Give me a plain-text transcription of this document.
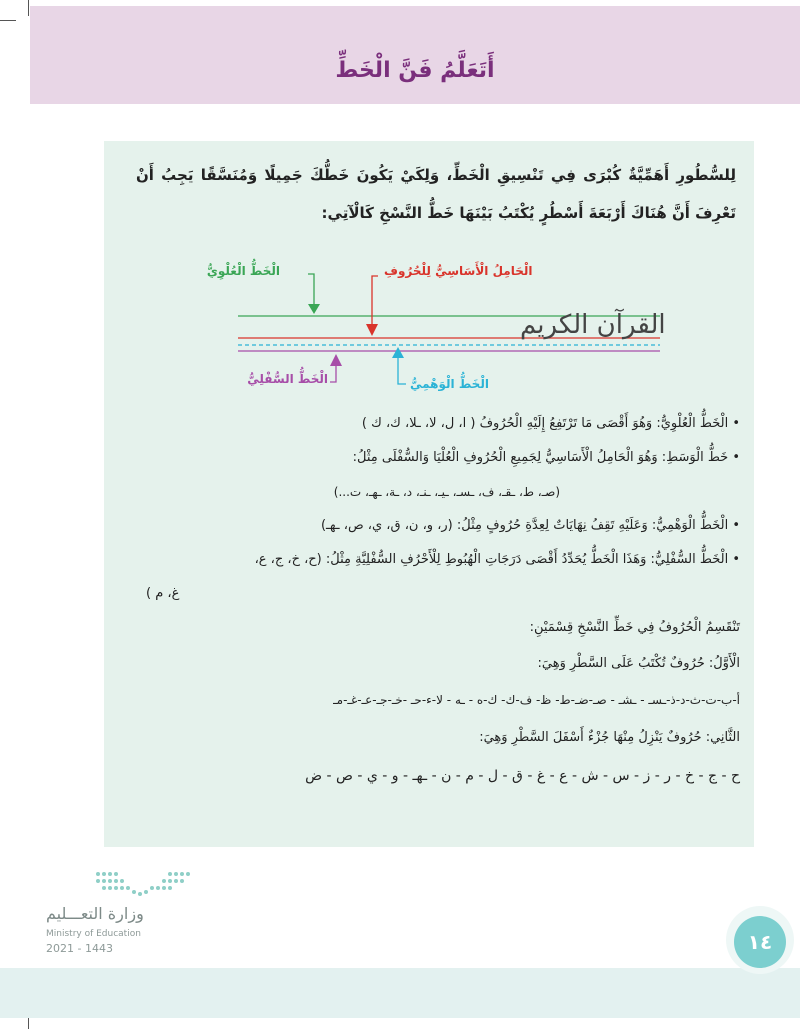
أَتَعَلَّمُ فَنَّ الْخَطِّ
لِلسُّطُورِ أَهَمِّيَّةٌ كُبْرَى فِي تَنْسِيقِ الْخَطِّ، وَلِكَيْ يَكُونَ خَطُّكَ جَمِيلًا وَمُنَسَّقًا يَجِبُ أَنْ تَعْرِفَ أَنَّ هُنَاكَ أَرْبَعَةَ أَسْطُرٍ يُكْتَبُ بَيْنَهَا خَطُّ النَّسْخِ كَالْآتِي:
القرآن الكريم
الْخَطُّ الْعُلْوِيُّ	الْحَامِلُ الْأَسَاسِيُّ لِلْحُرُوفِ
الْخَطُّ السُّفْلِيُّ	الْخَطُّ الْوَهْمِيُّ
• الْخَطُّ الْعُلْوِيُّ: وَهُوَ أَقْصَى مَا تَرْتَفِعُ إِلَيْهِ الْحُرُوفُ ( ا، ل، لا، ـلا، ك، ك )
• خَطُّ الْوَسَطِ: وَهُوَ الْحَامِلُ الْأَسَاسِيُّ لِجَمِيعِ الْحُرُوفِ الْعُلْيَا وَالسُّفْلَى مِثْلُ:
(صـ، ط، ـقـ، ف، ـسـ، ـيـ، ـنـ، د، ـة، ـهـ، ت...)
• الْخَطُّ الْوَهْمِيُّ: وَعَلَيْهِ تَقِفُ نِهَايَاتٌ لِعِدَّةِ حُرُوفٍ مِثْلُ: (ر، و، ن، ق، ي، ص، ـهـ)
• الْخَطُّ السُّفْلِيُّ: وَهَذَا الْخَطُّ يُحَدِّدُ أَقْصَى دَرَجَاتِ الْهُبُوطِ لِلْأَحْرُفِ السُّفْلِيَّةِ مِثْلُ: (ح، خ، ج، ع،
غ، م )
تَنْقَسِمُ الْحُرُوفُ فِي خَطِّ النَّسْخِ قِسْمَيْنِ:
الْأَوَّلُ: حُرُوفٌ تُكْتَبُ عَلَى السَّطْرِ وَهِيَ:
أ-ب-ت-ث-د-ذ-ـسـ - ـشـ - صـ-ضـ-ط- ظ- ف-ك- ك-ه - ـه - لا-ء-حـ -خـ-جـ-عـ-غـ-مـ
الثَّانِي: حُرُوفٌ يَنْزِلُ مِنْهَا جُزْءٌ أَسْفَلَ السَّطْرِ وَهِيَ:
ح - ج - خ - ر - ز - س - ش - ع - غ - ق - ل - م - ن - ـهـ - و - ي - ص - ض
١٤
وزارة التعـــليم
Ministry of Education
2021 - 1443
